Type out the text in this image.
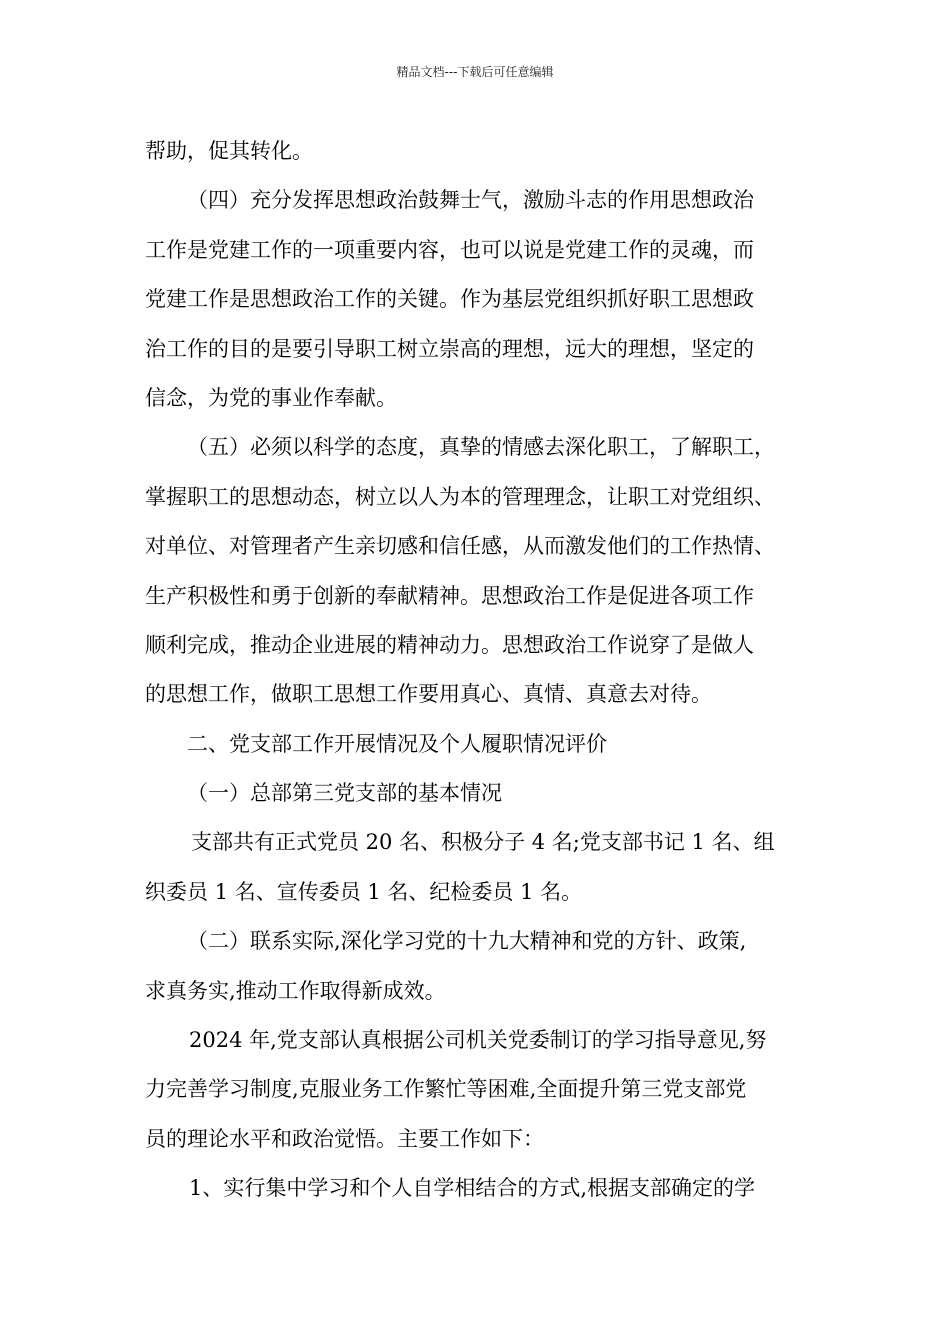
精品文档---下载后可任意编辑
帮助，促其转化。
（四）充分发挥思想政治鼓舞士气，激励斗志的作用思想政治
工作是党建工作的一项重要内容，也可以说是党建工作的灵魂，而
党建工作是思想政治工作的关键。作为基层党组织抓好职工思想政
治工作的目的是要引导职工树立崇高的理想，远大的理想，坚定的
信念，为党的事业作奉献。
（五）必须以科学的态度，真挚的情感去深化职工，了解职工，
掌握职工的思想动态，树立以人为本的管理理念，让职工对党组织、
对单位、对管理者产生亲切感和信任感，从而激发他们的工作热情、
生产积极性和勇于创新的奉献精神。思想政治工作是促进各项工作
顺利完成，推动企业进展的精神动力。思想政治工作说穿了是做人
的思想工作，做职工思想工作要用真心、真情、真意去对待。
二、党支部工作开展情况及个人履职情况评价
（一）总部第三党支部的基本情况
支部共有正式党员 20 名、积极分子 4 名;党支部书记 1 名、组
织委员 1 名、宣传委员 1 名、纪检委员 1 名。
（二）联系实际,深化学习党的十九大精神和党的方针、政策,
求真务实,推动工作取得新成效。
2024 年,党支部认真根据公司机关党委制订的学习指导意见,努
力完善学习制度,克服业务工作繁忙等困难,全面提升第三党支部党
员的理论水平和政治觉悟。主要工作如下：
1、实行集中学习和个人自学相结合的方式,根据支部确定的学
